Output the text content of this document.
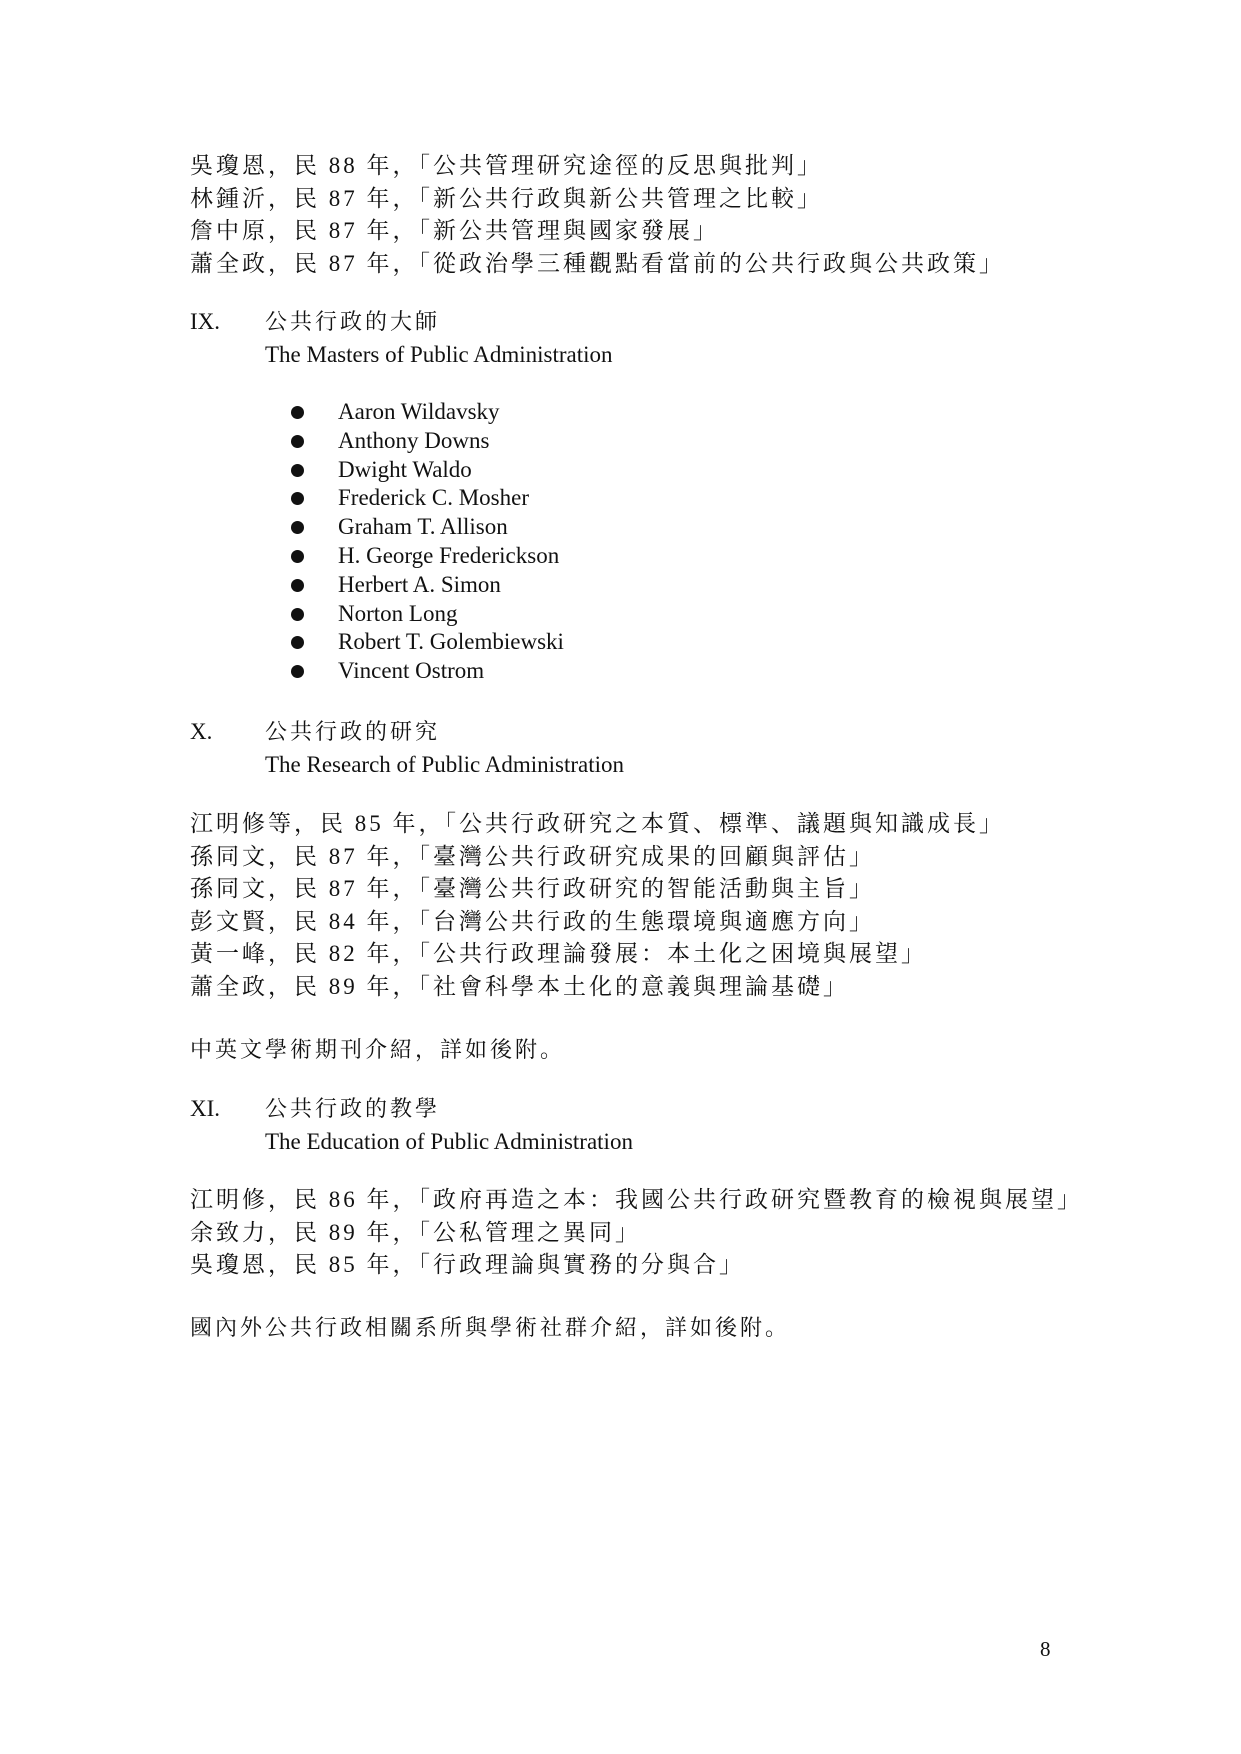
吳瓊恩，民 88 年，「公共管理研究途徑的反思與批判」
林鍾沂，民 87 年，「新公共行政與新公共管理之比較」
詹中原，民 87 年，「新公共管理與國家發展」
蕭全政，民 87 年，「從政治學三種觀點看當前的公共行政與公共政策」
IX. 公共行政的大師
The Masters of Public Administration
Aaron Wildavsky
Anthony Downs
Dwight Waldo
Frederick C. Mosher
Graham T. Allison
H. George Frederickson
Herbert A. Simon
Norton Long
Robert T. Golembiewski
Vincent Ostrom
X. 公共行政的研究
The Research of Public Administration
江明修等，民 85 年，「公共行政研究之本質、標準、議題與知識成長」
孫同文，民 87 年，「臺灣公共行政研究成果的回顧與評估」
孫同文，民 87 年，「臺灣公共行政研究的智能活動與主旨」
彭文賢，民 84 年，「台灣公共行政的生態環境與適應方向」
黃一峰，民 82 年，「公共行政理論發展：本土化之困境與展望」
蕭全政，民 89 年，「社會科學本土化的意義與理論基礎」
中英文學術期刊介紹，詳如後附。
XI. 公共行政的教學
The Education of Public Administration
江明修，民 86 年，「政府再造之本：我國公共行政研究暨教育的檢視與展望」
余致力，民 89 年，「公私管理之異同」
吳瓊恩，民 85 年，「行政理論與實務的分與合」
國內外公共行政相關系所與學術社群介紹，詳如後附。
8
